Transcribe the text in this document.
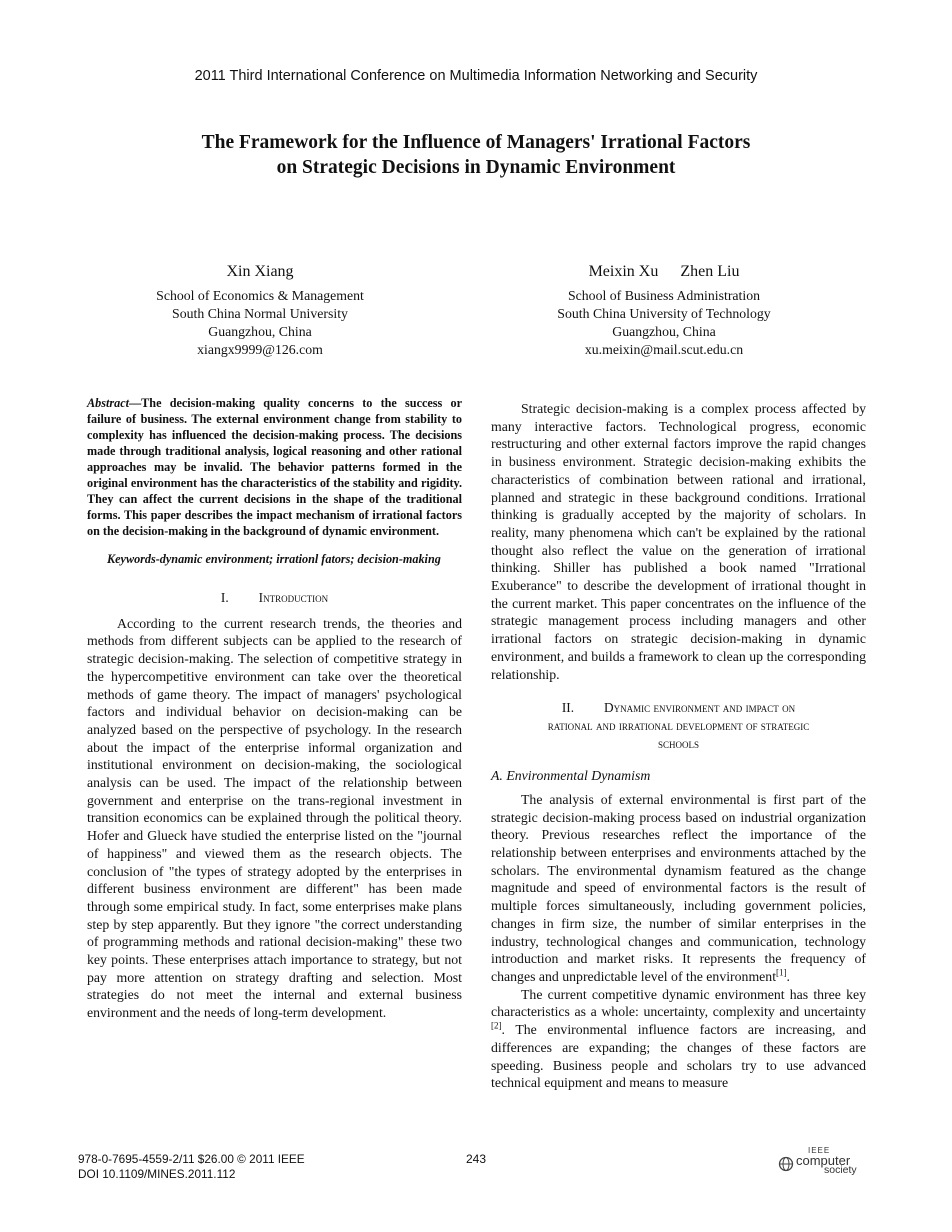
2011 Third International Conference on Multimedia Information Networking and Security
The Framework for the Influence of Managers' Irrational Factors
on Strategic Decisions in Dynamic Environment
Xin Xiang
School of Economics & Management
South China Normal University
Guangzhou, China
xiangx9999@126.com
Meixin Xu Zhen Liu
School of Business Administration
South China University of Technology
Guangzhou, China
xu.meixin@mail.scut.edu.cn

Abstract—The decision-making quality concerns to the success or failure of business. The external environment change from stability to complexity has influenced the decision-making process. The decisions made through traditional analysis, logical reasoning and other rational approaches may be invalid. The behavior patterns formed in the original environment has the characteristics of the stability and rigidity. They can affect the current decisions in the shape of the traditional forms. This paper describes the impact mechanism of irrational factors on the decision-making in the background of dynamic environment.

Keywords-dynamic environment; irrationl fators; decision-making

I. Introduction

According to the current research trends, the theories and methods from different subjects can be applied to the research of strategic decision-making. The selection of competitive strategy in the hypercompetitive environment can take over the theoretical methods of game theory. The impact of managers' psychological factors and individual behavior on decision-making can be analyzed based on the perspective of psychology. In the research about the impact of the enterprise informal organization and institutional environment on decision-making, the sociological analysis can be used. The impact of the relationship between government and enterprise on the trans-regional investment in transition economics can be explained through the political theory. Hofer and Glueck have studied the enterprise listed on the "journal of happiness" and viewed them as the research objects. The conclusion of "the types of strategy adopted by the enterprises in different business environment are different" has been made through some empirical study. In fact, some enterprises make plans step by step apparently. But they ignore "the correct understanding of programming methods and rational decision-making" these two key points. These enterprises attach importance to strategy, but not pay more attention on strategy drafting and selection. Most strategies do not meet the internal and external business environment and the needs of long-term development.

Strategic decision-making is a complex process affected by many interactive factors. Technological progress, economic restructuring and other external factors improve the rapid changes in business environment. Strategic decision-making exhibits the characteristics of combination between rational and irrational, planned and strategic in these background conditions. Irrational thinking is gradually accepted by the majority of scholars. In reality, many phenomena which can't be explained by the rational thought also reflect the value on the generation of irrational thinking. Shiller has published a book named "Irrational Exuberance" to describe the development of irrational thought in the current market. This paper concentrates on the influence of the strategic management process including managers and other irrational factors on strategic decision-making in dynamic environment, and builds a framework to clean up the corresponding relationship.

II. Dynamic environment and impact on
rational and irrational development of strategic
schools
A. Environmental Dynamism

The analysis of external environmental is first part of the strategic decision-making process based on industrial organization theory. Previous researches reflect the importance of the relationship between enterprises and environments attached by the scholars. The environmental dynamism featured as the change magnitude and speed of environmental factors is the result of multiple forces simultaneously, including government policies, changes in firm size, the number of similar enterprises in the industry, technological changes and communication, technology introduction and market risks. It represents the frequency of changes and unpredictable level of the environment[1].

The current competitive dynamic environment has three key characteristics as a whole: uncertainty, complexity and uncertainty [2]. The environmental influence factors are increasing, and differences are expanding; the changes of these factors are speeding. Business people and scholars try to use advanced technical equipment and means to measure

978-0-7695-4559-2/11 $26.00 © 2011 IEEE
DOI 10.1109/MINES.2011.112
243
IEEE
computer
society
